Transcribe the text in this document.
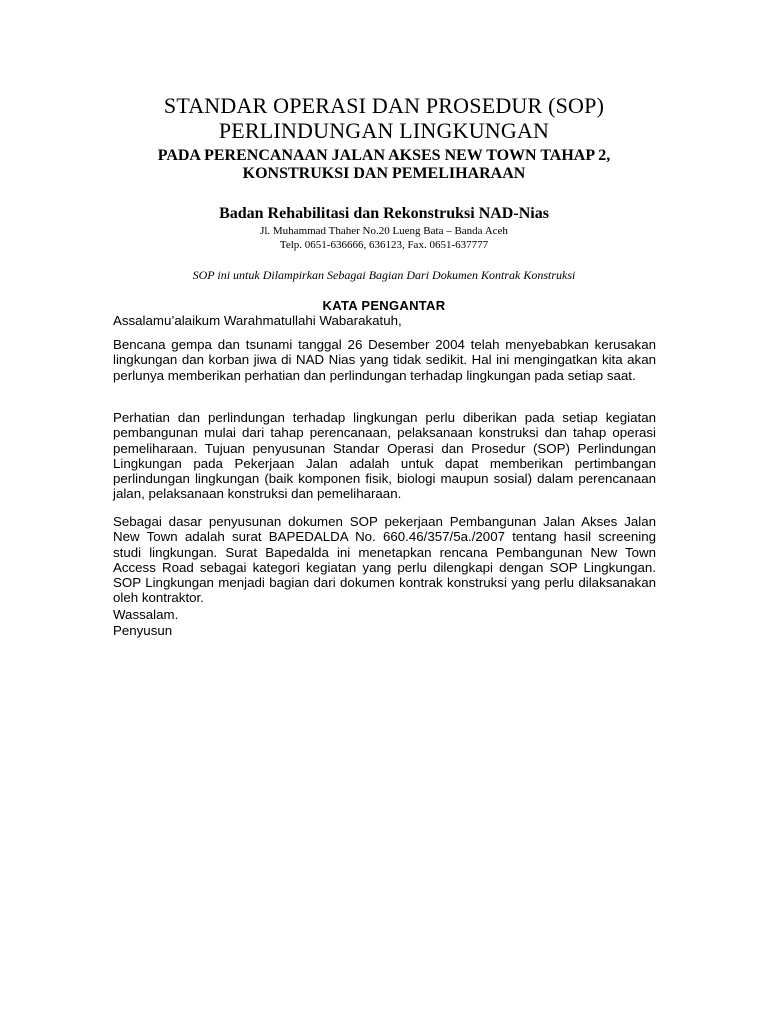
STANDAR OPERASI DAN PROSEDUR (SOP)
PERLINDUNGAN LINGKUNGAN
PADA PERENCANAAN JALAN AKSES NEW TOWN TAHAP 2,
KONSTRUKSI DAN PEMELIHARAAN
Badan Rehabilitasi dan Rekonstruksi NAD-Nias
Jl. Muhammad Thaher No.20 Lueng Bata – Banda Aceh
Telp. 0651-636666, 636123, Fax. 0651-637777
SOP ini untuk Dilampirkan Sebagai Bagian Dari Dokumen Kontrak Konstruksi
KATA PENGANTAR
Assalamu’alaikum Warahmatullahi Wabarakatuh,
Bencana gempa dan tsunami tanggal 26 Desember 2004 telah menyebabkan kerusakan lingkungan dan korban jiwa di NAD Nias yang tidak sedikit. Hal ini mengingatkan kita akan perlunya memberikan perhatian dan perlindungan terhadap lingkungan pada setiap saat.
Perhatian dan perlindungan terhadap lingkungan perlu diberikan pada setiap kegiatan pembangunan mulai dari tahap perencanaan, pelaksanaan konstruksi dan tahap operasi pemeliharaan. Tujuan penyusunan Standar Operasi dan Prosedur (SOP) Perlindungan Lingkungan pada Pekerjaan Jalan adalah untuk dapat memberikan pertimbangan perlindungan lingkungan (baik komponen fisik, biologi maupun sosial) dalam perencanaan jalan, pelaksanaan konstruksi dan pemeliharaan.
Sebagai dasar penyusunan dokumen SOP pekerjaan Pembangunan Jalan Akses Jalan New Town adalah surat BAPEDALDA No. 660.46/357/5a./2007 tentang hasil screening studi lingkungan. Surat Bapedalda ini menetapkan rencana Pembangunan New Town Access Road sebagai kategori kegiatan yang perlu dilengkapi dengan SOP Lingkungan. SOP Lingkungan menjadi bagian dari dokumen kontrak konstruksi yang perlu dilaksanakan oleh kontraktor.
Wassalam.
Penyusun
